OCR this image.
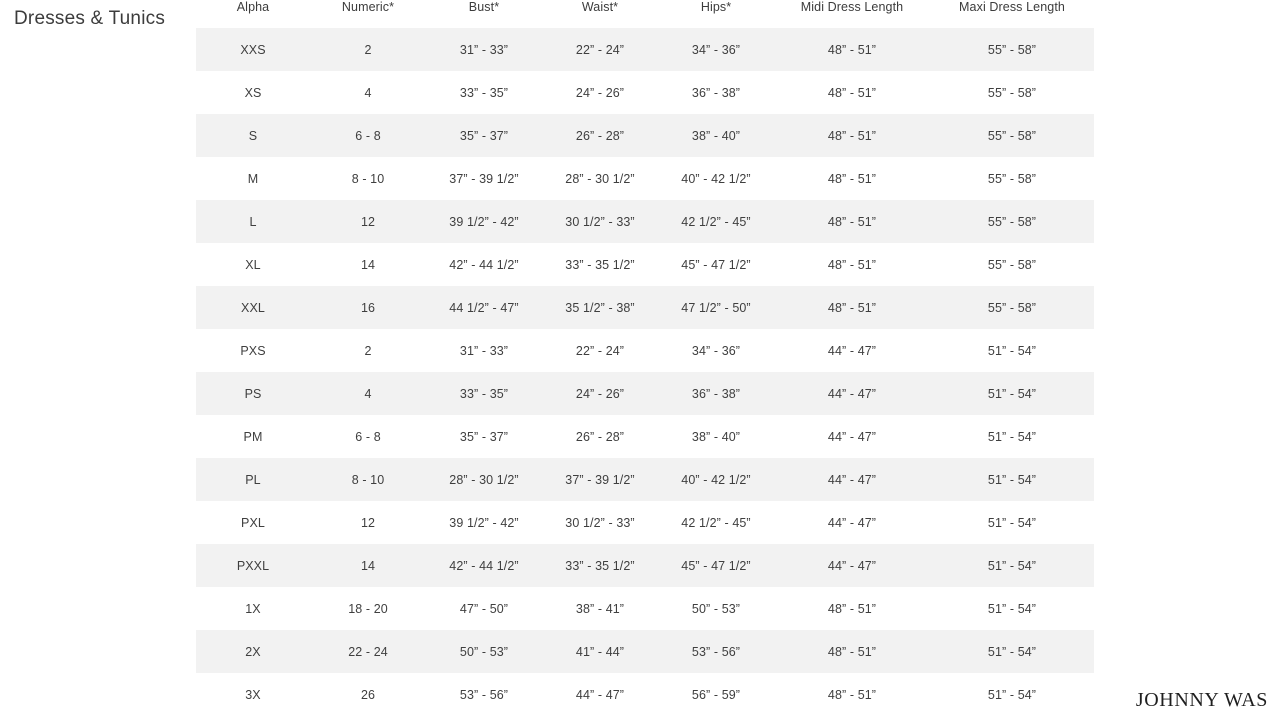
Dresses & Tunics
Alpha	Numeric*	Bust*	Waist*	Hips*	Midi Dress Length	Maxi Dress Length
XXS	2	31” - 33”	22” - 24”	34” - 36”	48” - 51”	55” - 58”
XS	4	33” - 35”	24” - 26”	36” - 38”	48” - 51”	55” - 58”
S	6 - 8	35” - 37”	26” - 28”	38” - 40”	48” - 51”	55” - 58”
M	8 - 10	37” - 39 1/2”	28” - 30 1/2”	40” - 42 1/2”	48” - 51”	55” - 58”
L	12	39 1/2” - 42”	30 1/2” - 33”	42 1/2” - 45”	48” - 51”	55” - 58”
XL	14	42” - 44 1/2”	33” - 35 1/2”	45” - 47 1/2”	48” - 51”	55” - 58”
XXL	16	44 1/2” - 47”	35 1/2” - 38”	47 1/2” - 50”	48” - 51”	55” - 58”
PXS	2	31” - 33”	22” - 24”	34” - 36”	44” - 47”	51” - 54”
PS	4	33” - 35”	24” - 26”	36” - 38”	44” - 47”	51” - 54”
PM	6 - 8	35” - 37”	26” - 28”	38” - 40”	44” - 47”	51” - 54”
PL	8 - 10	28” - 30 1/2”	37” - 39 1/2”	40” - 42 1/2”	44” - 47”	51” - 54”
PXL	12	39 1/2” - 42”	30 1/2” - 33”	42 1/2” - 45”	44” - 47”	51” - 54”
PXXL	14	42” - 44 1/2”	33” - 35 1/2”	45” - 47 1/2”	44” - 47”	51” - 54”
1X	18 - 20	47” - 50”	38” - 41”	50” - 53”	48” - 51”	51” - 54”
2X	22 - 24	50” - 53”	41” - 44”	53” - 56”	48” - 51”	51” - 54”
3X	26	53” - 56”	44” - 47”	56” - 59”	48” - 51”	51” - 54”	JOHNNY WAS
